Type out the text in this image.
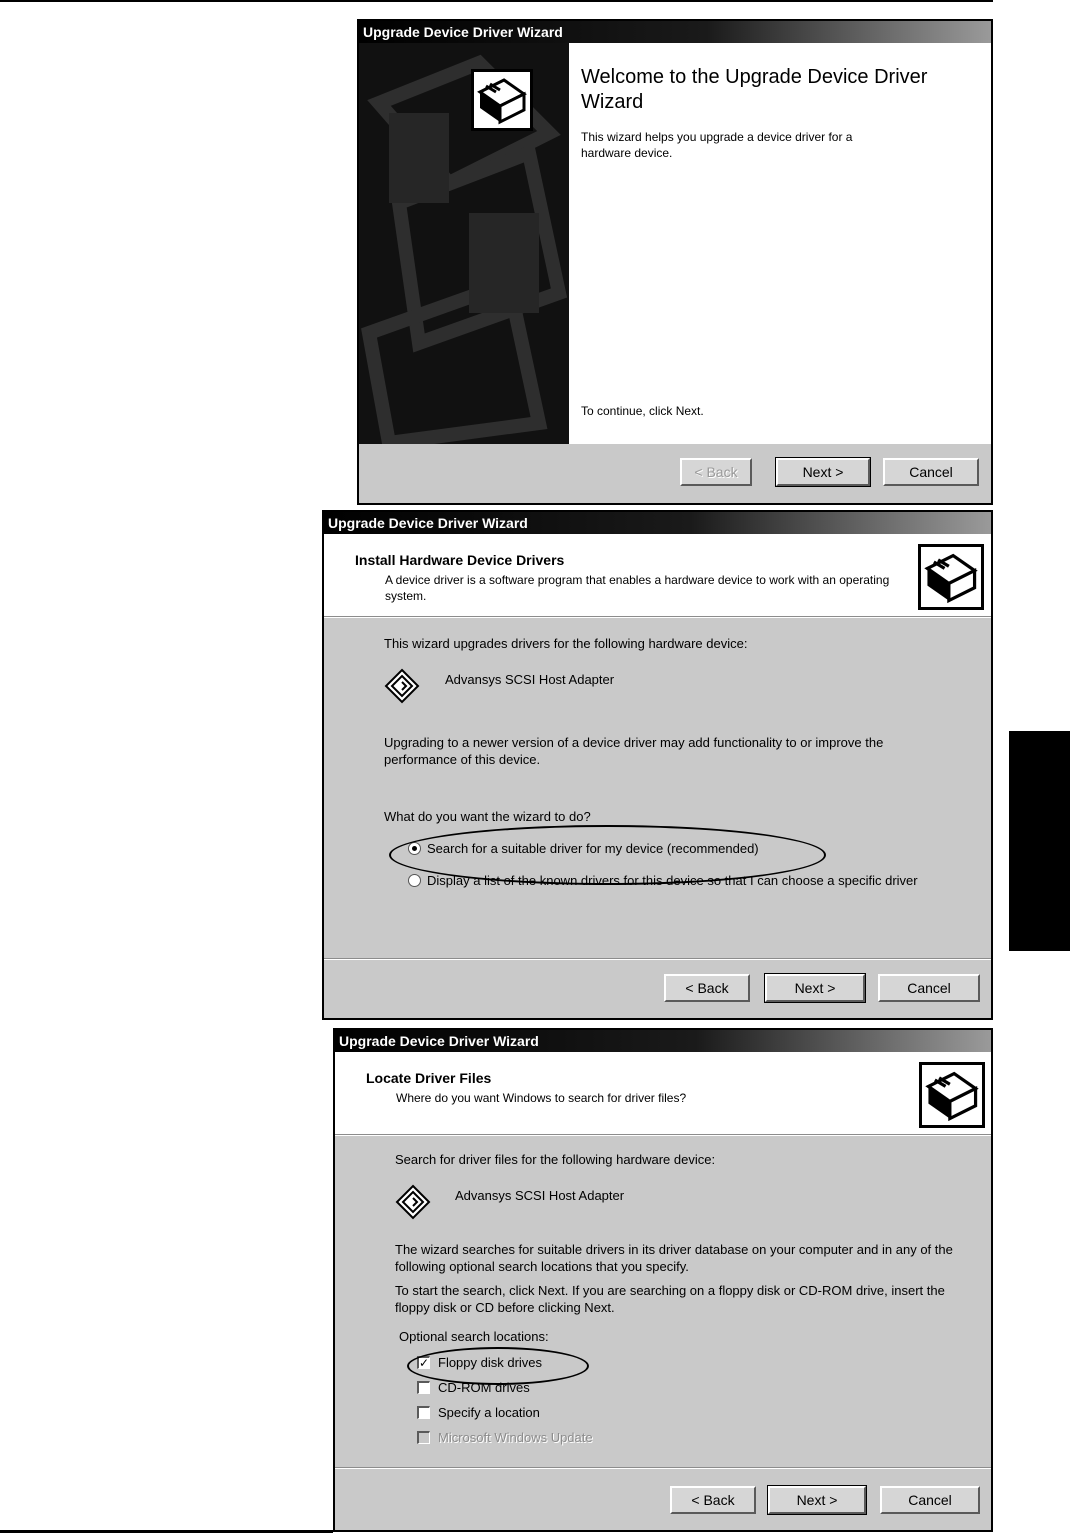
Upgrade Device Driver Wizard
Welcome to the Upgrade Device Driver Wizard
This wizard helps you upgrade a device driver for a hardware device.
To continue, click Next.
< Back	Next >	Cancel
Upgrade Device Driver Wizard
Install Hardware Device Drivers
A device driver is a software program that enables a hardware device to work with an operating system.
This wizard upgrades drivers for the following hardware device:
Advansys SCSI Host Adapter
Upgrading to a newer version of a device driver may add functionality to or improve the performance of this device.
What do you want the wizard to do?
Search for a suitable driver for my device (recommended)
Display a list of the known drivers for this device so that I can choose a specific driver
< Back	Next >	Cancel
Upgrade Device Driver Wizard
Locate Driver Files
Where do you want Windows to search for driver files?
Search for driver files for the following hardware device:
Advansys SCSI Host Adapter
The wizard searches for suitable drivers in its driver database on your computer and in any of the following optional search locations that you specify.
To start the search, click Next. If you are searching on a floppy disk or CD-ROM drive, insert the floppy disk or CD before clicking Next.
Optional search locations:
✓ Floppy disk drives
CD-ROM drives
Specify a location
Microsoft Windows Update
< Back	Next >	Cancel
